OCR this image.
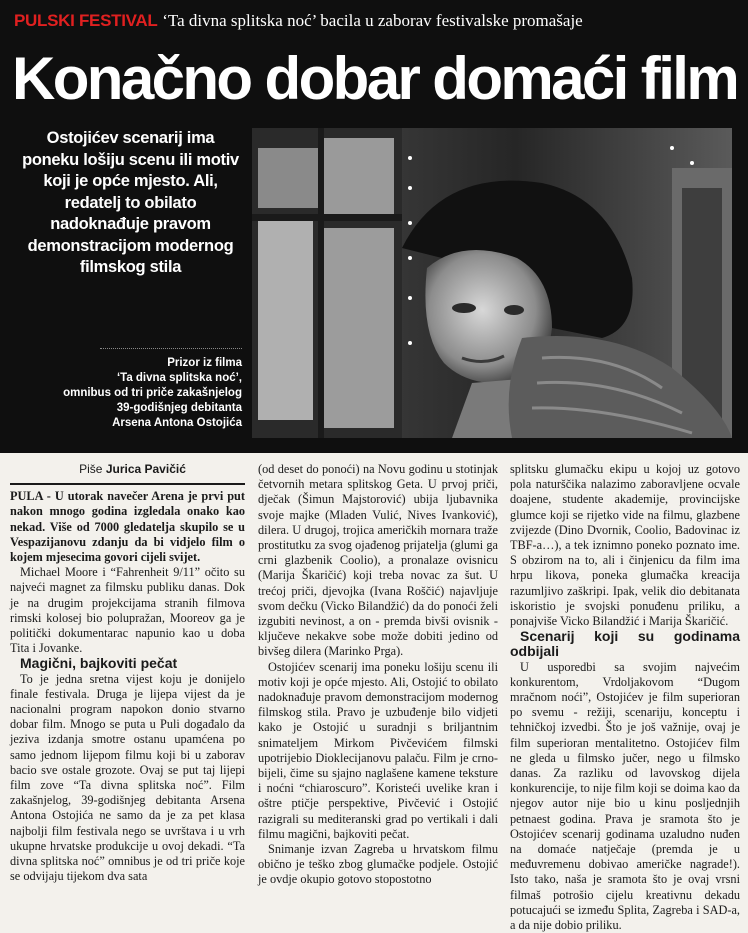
PULSKI FESTIVAL ‘Ta divna splitska noć’ bacila u zaborav festivalske promašaje
Konačno dobar domaći film
Ostojićev scenarij ima poneku lošiju scenu ili motiv koji je opće mjesto. Ali, redatelj to obilato nadoknađuje pravom demonstracijom modernog filmskog stila
Prizor iz filma
‘Ta divna splitska noć’,
omnibus od tri priče zakašnjelog
39-godišnjeg debitanta
Arsena Antona Ostojića

Piše Jurica Pavičić

PULA - U utorak navečer Arena je prvi put nakon mnogo godina izgledala onako kao nekad. Više od 7000 gledatelja skupilo se u Vespazijanovu zdanju da bi vidjelo film o kojem mjesecima govori cijeli svijet.

Michael Moore i “Fahrenheit 9/11” očito su najveći magnet za filmsku publiku danas. Dok je na drugim projekcijama stranih filmova rimski kolosej bio polupražan, Mooreov ga je politički dokumentarac napunio kao u doba Tita i Jovanke.

Magični, bajkoviti pečat

To je jedna sretna vijest koju je donijelo finale festivala. Druga je lijepa vijest da je nacionalni program napokon donio stvarno dobar film. Mnogo se puta u Puli događalo da jeziva izdanja smotre ostanu upamćena po samo jednom lijepom filmu koji bi u zaborav bacio sve ostale grozote. Ovaj se put taj lijepi film zove “Ta divna splitska noć”. Film zakašnjelog, 39-godišnjeg debitanta Arsena Antona Ostojića ne samo da je za pet klasa najbolji film festivala nego se uvrštava i u vrh ukupne hrvatske produkcije u ovoj dekadi. “Ta divna splitska noć” omnibus je od tri priče koje se odvijaju tijekom dva sata

(od deset do ponoći) na Novu godinu u stotinjak četvornih metara splitskog Geta. U prvoj priči, dječak (Šimun Majstorović) ubija ljubavnika svoje majke (Mladen Vulić, Nives Ivanković), dilera. U drugoj, trojica američkih mornara traže prostitutku za svog ojađenog prijatelja (glumi ga crni glazbenik Coolio), a pronalaze ovisnicu (Marija Škaričić) koji treba novac za šut. U trećoj priči, djevojka (Ivana Roščić) najavljuje svom dečku (Vicko Bilandžić) da do ponoći želi izgubiti nevinost, a on - premda bivši ovisnik - ključeve nekakve sobe može dobiti jedino od bivšeg dilera (Marinko Prga).

Ostojićev scenarij ima poneku lošiju scenu ili motiv koji je opće mjesto. Ali, Ostojić to obilato nadoknađuje pravom demonstracijom modernog filmskog stila. Pravo je uzbuđenje bilo vidjeti kako je Ostojić u suradnji s briljantnim snimateljem Mirkom Pivčevićem filmski upotrijebio Dioklecijanovu palaču. Film je crno-bijeli, čime su sjajno naglašene kamene teksture i noćni “chiaroscuro”. Koristeći uvelike kran i oštre ptičje perspektive, Pivčević i Ostojić razigrali su mediteranski grad po vertikali i dali filmu magični, bajkoviti pečat.

Snimanje izvan Zagreba u hrvatskom filmu obično je teško zbog glumačke podjele. Ostojić je ovdje okupio gotovo stopostotno

splitsku glumačku ekipu u kojoj uz gotovo pola naturščika nalazimo zaboravljene ocvale doajene, studente akademije, provincijske glumce koji se rijetko vide na filmu, glazbene zvijezde (Dino Dvornik, Coolio, Badovinac iz TBF-a…), a tek iznimno poneko poznato ime. S obzirom na to, ali i činjenicu da film ima hrpu likova, poneka glumačka kreacija razumljivo zaškripi. Ipak, velik dio debitanata iskoristio je svojski ponuđenu priliku, a ponajviše Vicko Bilandžić i Marija Škaričić.

Scenarij koji su godinama odbijali

U usporedbi sa svojim najvećim konkurentom, Vrdoljakovom “Dugom mračnom noći”, Ostojićev je film superioran po svemu - režiji, scenariju, konceptu i tehničkoj izvedbi. Što je još važnije, ovaj je film superioran mentalitetno. Ostojićev film ne gleda u filmsko jučer, nego u filmsko danas. Za razliku od lavovskog dijela konkurencije, to nije film koji se doima kao da njegov autor nije bio u kinu posljednjih petnaest godina. Prava je sramota što je Ostojićev scenarij godinama uzaludno nuđen na domaće natječaje (premda je u međuvremenu dobivao američke nagrade!). Isto tako, naša je sramota što je ovaj vrsni filmaš potrošio cijelu kreativnu dekadu potucajući se između Splita, Zagreba i SAD-a, a da nije dobio priliku.
